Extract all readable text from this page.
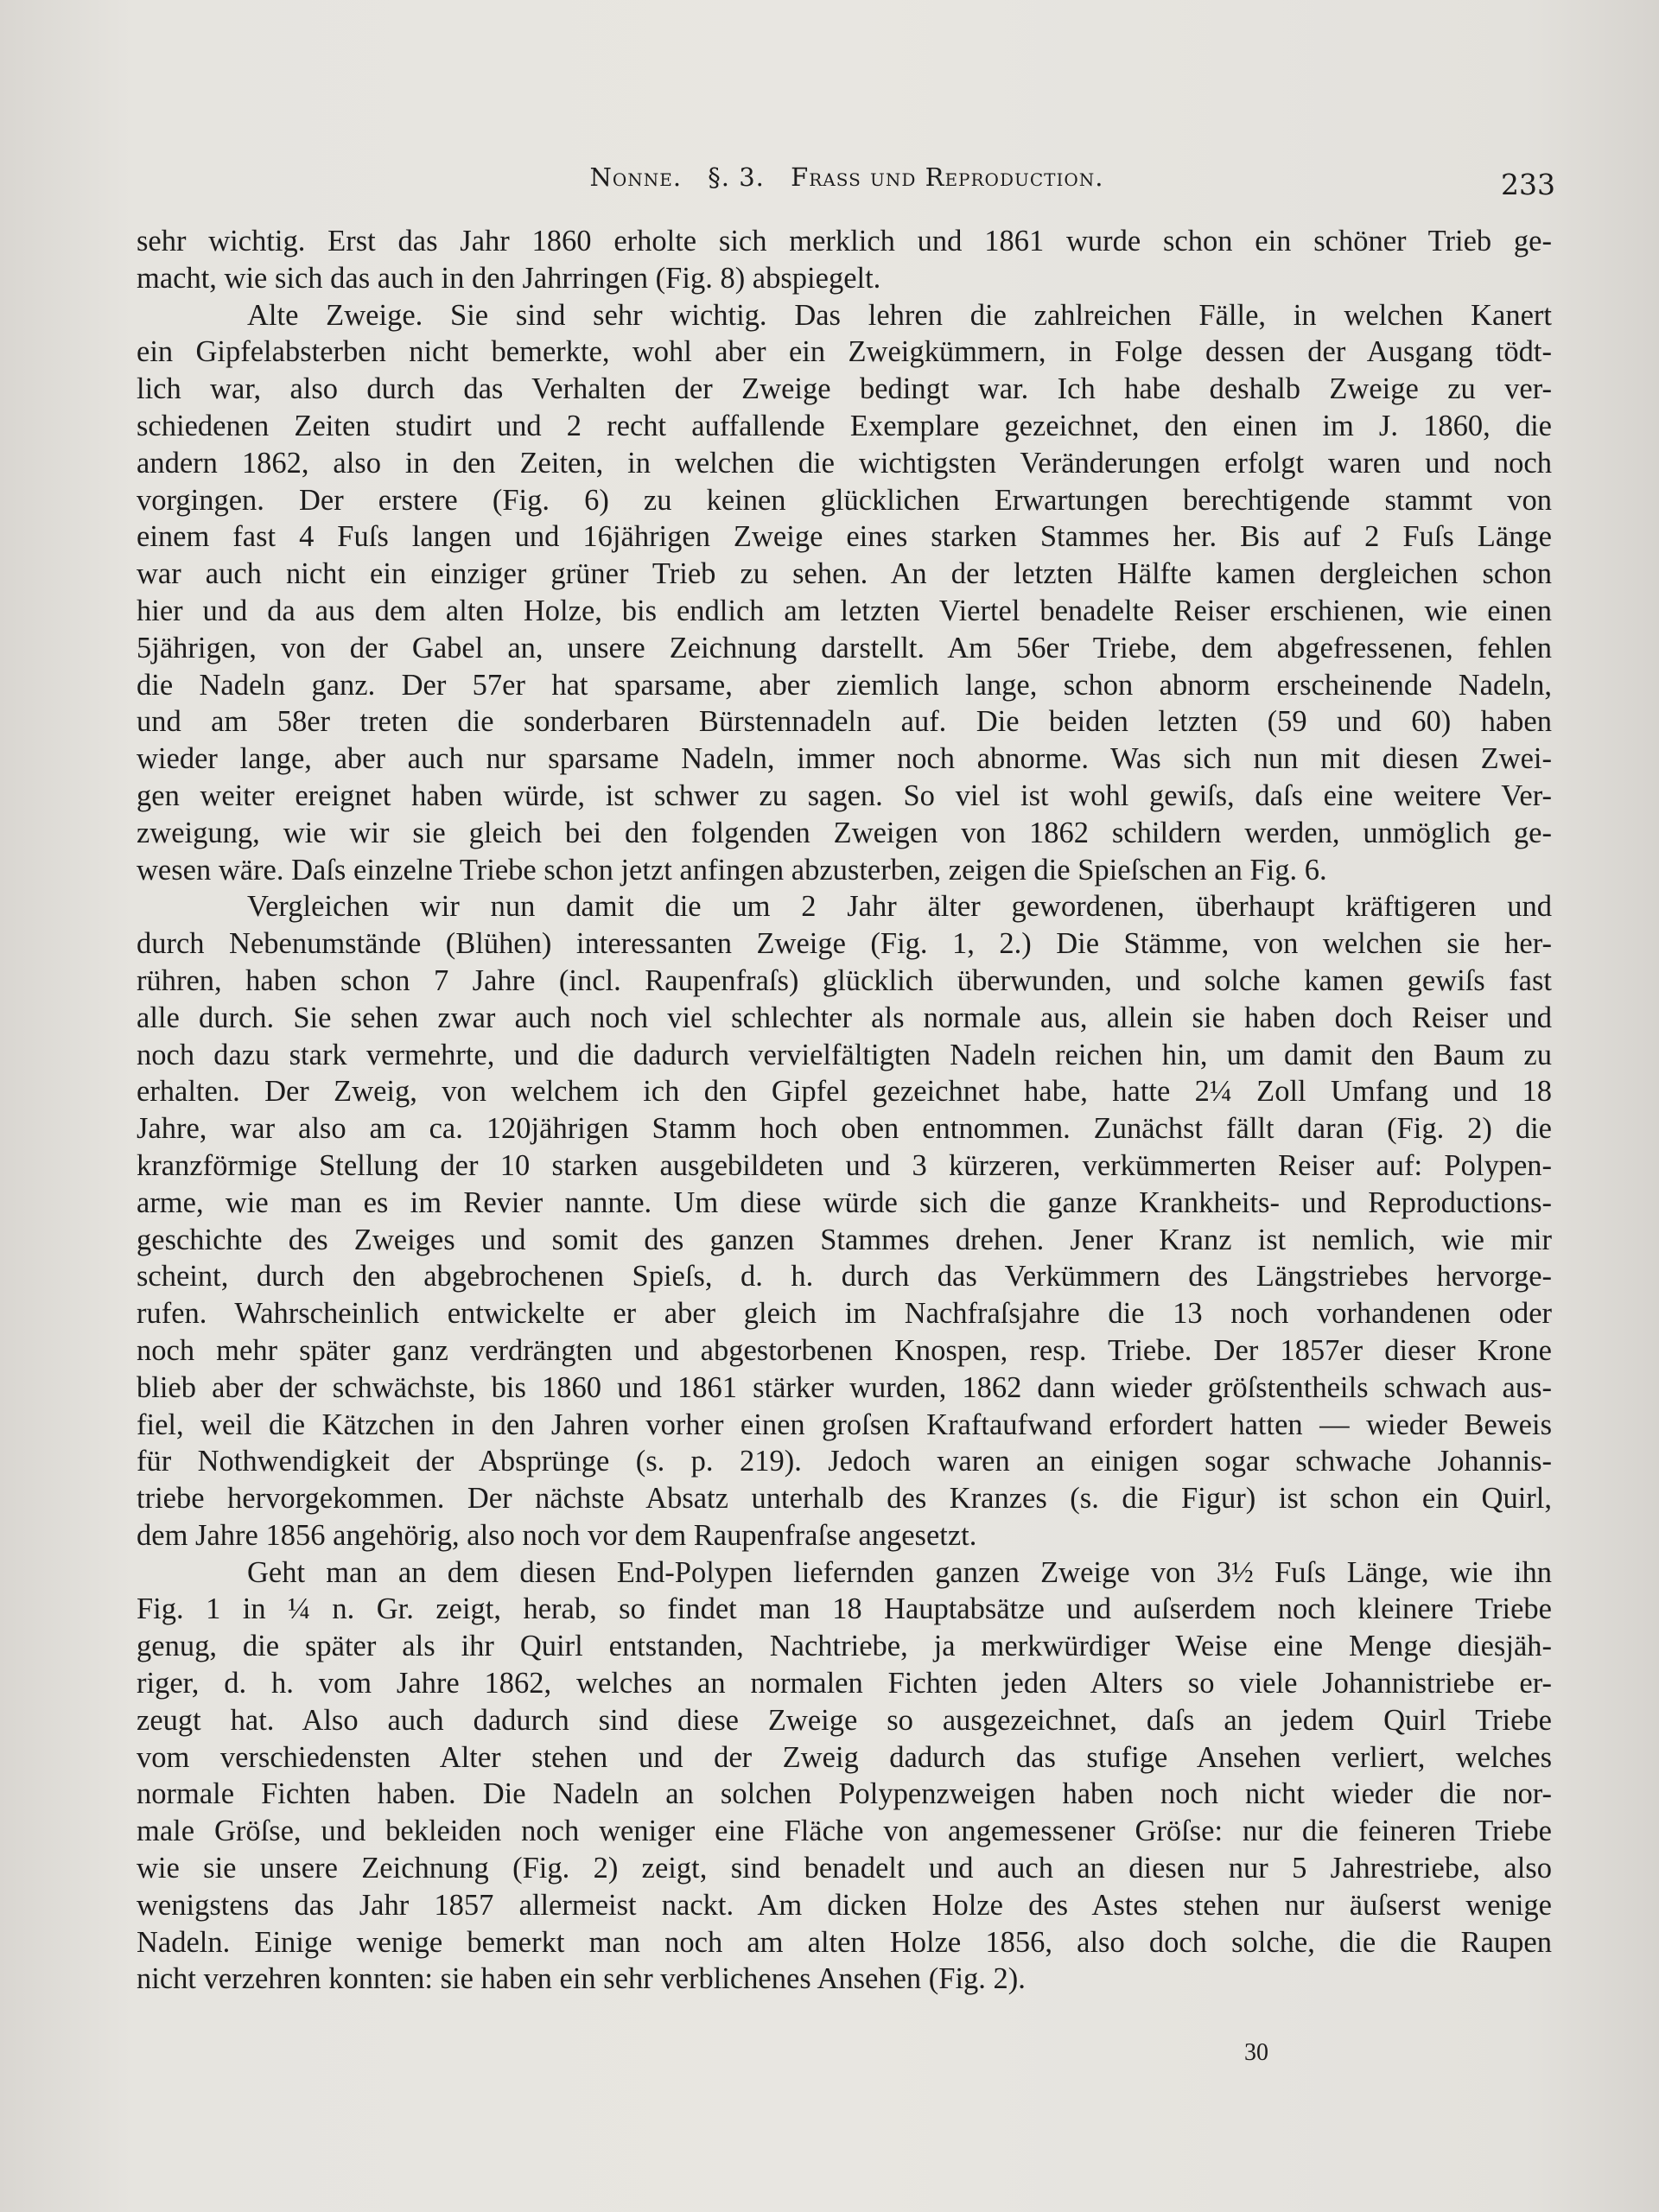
Nonne. §. 3. Frass und Reproduction.	233
sehr wichtig. Erst das Jahr 1860 erholte sich merklich und 1861 wurde schon ein schöner Trieb ge-
macht, wie sich das auch in den Jahrringen (Fig. 8) abspiegelt.
Alte Zweige. Sie sind sehr wichtig. Das lehren die zahlreichen Fälle, in welchen Kanert
ein Gipfelabsterben nicht bemerkte, wohl aber ein Zweigkümmern, in Folge dessen der Ausgang tödt-
lich war, also durch das Verhalten der Zweige bedingt war. Ich habe deshalb Zweige zu ver-
schiedenen Zeiten studirt und 2 recht auffallende Exemplare gezeichnet, den einen im J. 1860, die
andern 1862, also in den Zeiten, in welchen die wichtigsten Veränderungen erfolgt waren und noch
vorgingen. Der erstere (Fig. 6) zu keinen glücklichen Erwartungen berechtigende stammt von
einem fast 4 Fuſs langen und 16jährigen Zweige eines starken Stammes her. Bis auf 2 Fuſs Länge
war auch nicht ein einziger grüner Trieb zu sehen. An der letzten Hälfte kamen dergleichen schon
hier und da aus dem alten Holze, bis endlich am letzten Viertel benadelte Reiser erschienen, wie einen
5jährigen, von der Gabel an, unsere Zeichnung darstellt. Am 56er Triebe, dem abgefressenen, fehlen
die Nadeln ganz. Der 57er hat sparsame, aber ziemlich lange, schon abnorm erscheinende Nadeln,
und am 58er treten die sonderbaren Bürstennadeln auf. Die beiden letzten (59 und 60) haben
wieder lange, aber auch nur sparsame Nadeln, immer noch abnorme. Was sich nun mit diesen Zwei-
gen weiter ereignet haben würde, ist schwer zu sagen. So viel ist wohl gewiſs, daſs eine weitere Ver-
zweigung, wie wir sie gleich bei den folgenden Zweigen von 1862 schildern werden, unmöglich ge-
wesen wäre. Daſs einzelne Triebe schon jetzt anfingen abzusterben, zeigen die Spieſschen an Fig. 6.
Vergleichen wir nun damit die um 2 Jahr älter gewordenen, überhaupt kräftigeren und
durch Nebenumstände (Blühen) interessanten Zweige (Fig. 1, 2.) Die Stämme, von welchen sie her-
rühren, haben schon 7 Jahre (incl. Raupenfraſs) glücklich überwunden, und solche kamen gewiſs fast
alle durch. Sie sehen zwar auch noch viel schlechter als normale aus, allein sie haben doch Reiser und
noch dazu stark vermehrte, und die dadurch vervielfältigten Nadeln reichen hin, um damit den Baum zu
erhalten. Der Zweig, von welchem ich den Gipfel gezeichnet habe, hatte 2¼ Zoll Umfang und 18
Jahre, war also am ca. 120jährigen Stamm hoch oben entnommen. Zunächst fällt daran (Fig. 2) die
kranzförmige Stellung der 10 starken ausgebildeten und 3 kürzeren, verkümmerten Reiser auf: Polypen-
arme, wie man es im Revier nannte. Um diese würde sich die ganze Krankheits- und Reproductions-
geschichte des Zweiges und somit des ganzen Stammes drehen. Jener Kranz ist nemlich, wie mir
scheint, durch den abgebrochenen Spieſs, d. h. durch das Verkümmern des Längstriebes hervorge-
rufen. Wahrscheinlich entwickelte er aber gleich im Nachfraſsjahre die 13 noch vorhandenen oder
noch mehr später ganz verdrängten und abgestorbenen Knospen, resp. Triebe. Der 1857er dieser Krone
blieb aber der schwächste, bis 1860 und 1861 stärker wurden, 1862 dann wieder gröſstentheils schwach aus-
fiel, weil die Kätzchen in den Jahren vorher einen groſsen Kraftaufwand erfordert hatten — wieder Beweis
für Nothwendigkeit der Absprünge (s. p. 219). Jedoch waren an einigen sogar schwache Johannis-
triebe hervorgekommen. Der nächste Absatz unterhalb des Kranzes (s. die Figur) ist schon ein Quirl,
dem Jahre 1856 angehörig, also noch vor dem Raupenfraſse angesetzt.
Geht man an dem diesen End-Polypen liefernden ganzen Zweige von 3½ Fuſs Länge, wie ihn
Fig. 1 in ¼ n. Gr. zeigt, herab, so findet man 18 Hauptabsätze und auſserdem noch kleinere Triebe
genug, die später als ihr Quirl entstanden, Nachtriebe, ja merkwürdiger Weise eine Menge diesjäh-
riger, d. h. vom Jahre 1862, welches an normalen Fichten jeden Alters so viele Johannistriebe er-
zeugt hat. Also auch dadurch sind diese Zweige so ausgezeichnet, daſs an jedem Quirl Triebe
vom verschiedensten Alter stehen und der Zweig dadurch das stufige Ansehen verliert, welches
normale Fichten haben. Die Nadeln an solchen Polypenzweigen haben noch nicht wieder die nor-
male Gröſse, und bekleiden noch weniger eine Fläche von angemessener Gröſse: nur die feineren Triebe
wie sie unsere Zeichnung (Fig. 2) zeigt, sind benadelt und auch an diesen nur 5 Jahrestriebe, also
wenigstens das Jahr 1857 allermeist nackt. Am dicken Holze des Astes stehen nur äuſserst wenige
Nadeln. Einige wenige bemerkt man noch am alten Holze 1856, also doch solche, die die Raupen
nicht verzehren konnten: sie haben ein sehr verblichenes Ansehen (Fig. 2).
30
